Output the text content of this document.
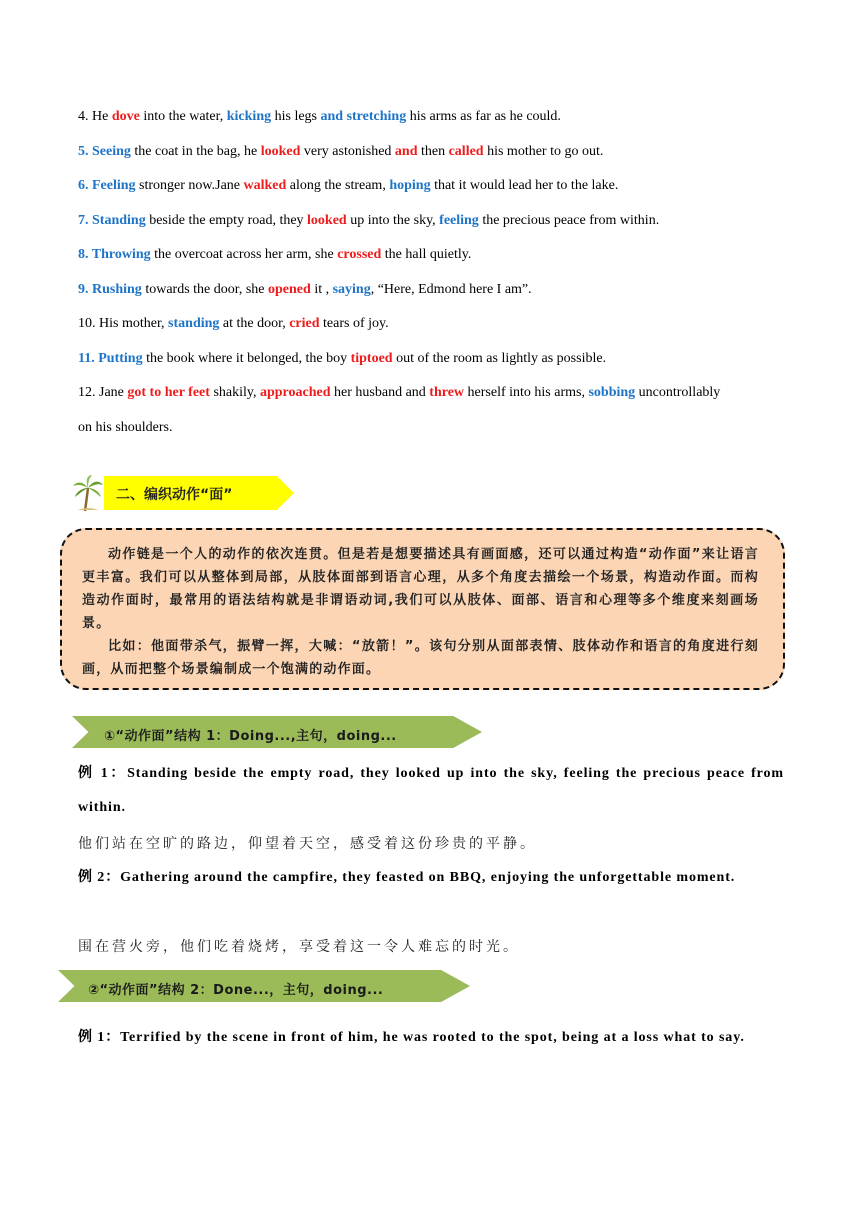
4. He dove into the water, kicking his legs and stretching his arms as far as he could.
5. Seeing the coat in the bag, he looked very astonished and then called his mother to go out.
6. Feeling stronger now.Jane walked along the stream, hoping that it would lead her to the lake.
7. Standing beside the empty road, they looked up into the sky, feeling the precious peace from within.
8. Throwing the overcoat across her arm, she crossed the hall quietly.
9. Rushing towards the door, she opened it , saying, “Here, Edmond here I am”.
10. His mother, standing at the door, cried tears of joy.
11. Putting the book where it belonged, the boy tiptoed out of the room as lightly as possible.
12. Jane got to her feet shakily, approached her husband and threw herself into his arms, sobbing uncontrollably
on his shoulders.
二、编织动作“面”

动作链是一个人的动作的依次连贯。但是若是想要描述具有画面感，还可以通过构造“动作面”来让语言更丰富。我们可以从整体到局部，从肢体面部到语言心理，从多个角度去描绘一个场景，构造动作面。而构造动作面时，最常用的语法结构就是非谓语动词,我们可以从肢体、面部、语言和心理等多个维度来刻画场景。

比如：他面带杀气，振臂一挥，大喊：“放箭！”。该句分别从面部表情、肢体动作和语言的角度进行刻画，从而把整个场景编制成一个饱满的动作面。

①“动作面”结构 1：Doing...,主句，doing...
例 1：Standing beside the empty road, they looked up into the sky, feeling the precious peace from within.
他们站在空旷的路边，仰望着天空，感受着这份珍贵的平静。
例 2：Gathering around the campfire, they feasted on BBQ, enjoying the unforgettable moment.
围在营火旁，他们吃着烧烤，享受着这一令人难忘的时光。
②“动作面”结构 2：Done...，主句，doing...
例 1：Terrified by the scene in front of him, he was rooted to the spot, being at a loss what to say.
